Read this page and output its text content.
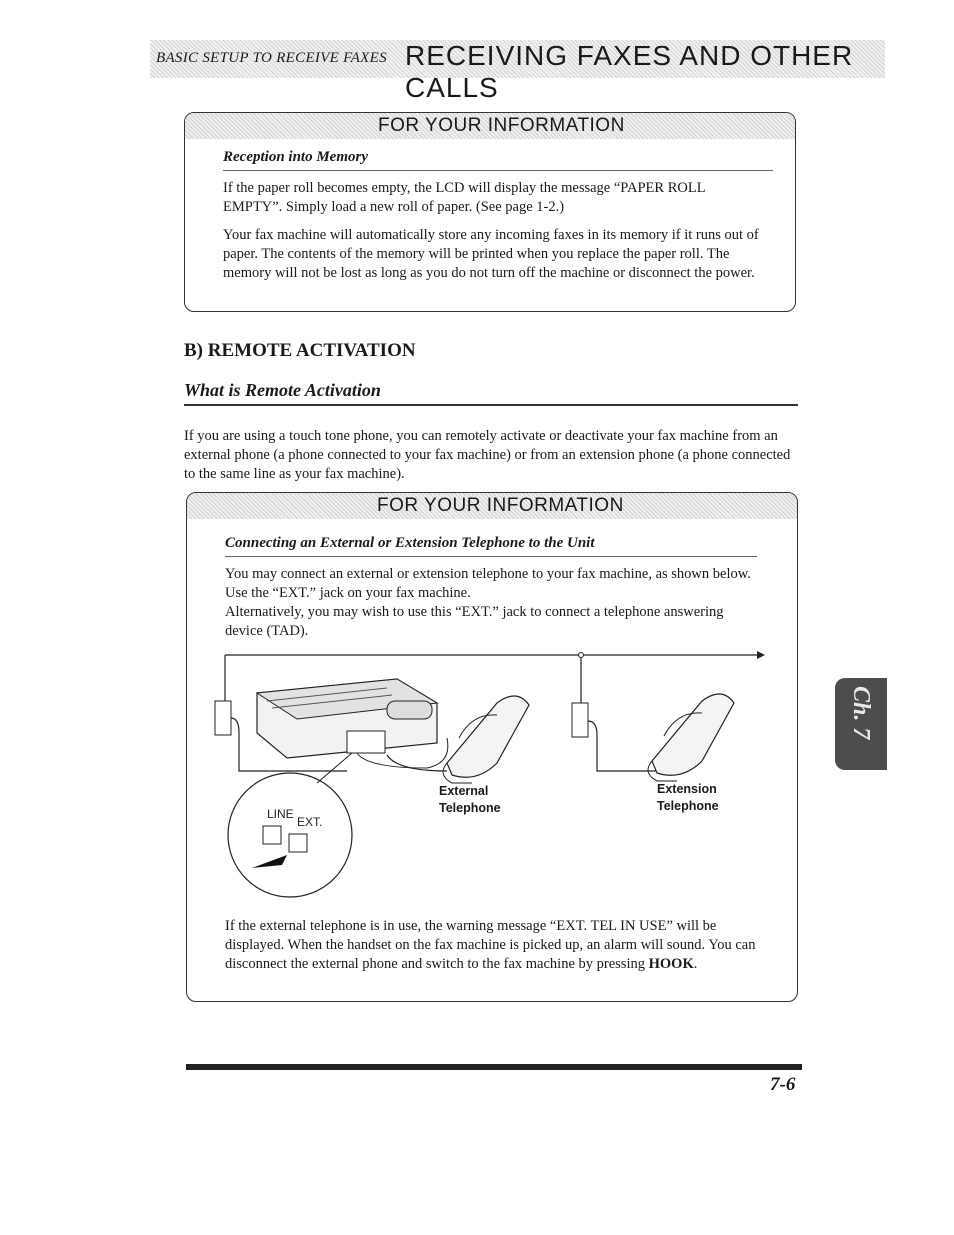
BASIC SETUP TO RECEIVE FAXES RECEIVING FAXES AND OTHER CALLS
FOR YOUR INFORMATION
Reception into Memory
If the paper roll becomes empty, the LCD will display the message “PAPER ROLL EMPTY”. Simply load a new roll of paper. (See page 1-2.)
Your fax machine will automatically store any incoming faxes in its memory if it runs out of paper. The contents of the memory will be printed when you replace the paper roll. The memory will not be lost as long as you do not turn off the machine or disconnect the power.
B) REMOTE ACTIVATION
What is Remote Activation
If you are using a touch tone phone, you can remotely activate or deactivate your fax machine from an external phone (a phone connected to your fax machine) or from an extension phone (a phone connected to the same line as your fax machine).
FOR YOUR INFORMATION
Connecting an External or Extension Telephone to the Unit
You may connect an external or extension telephone to your fax machine, as shown below. Use the “EXT.” jack on your fax machine.
Alternatively, you may wish to use this “EXT.” jack to connect a telephone answering device (TAD).
LINE
EXT.
External
Telephone
Extension
Telephone
If the external telephone is in use, the warning message “EXT. TEL IN USE” will be displayed. When the handset on the fax machine is picked up, an alarm will sound. You can disconnect the external phone and switch to the fax machine by pressing HOOK.
Ch. 7
7-6
